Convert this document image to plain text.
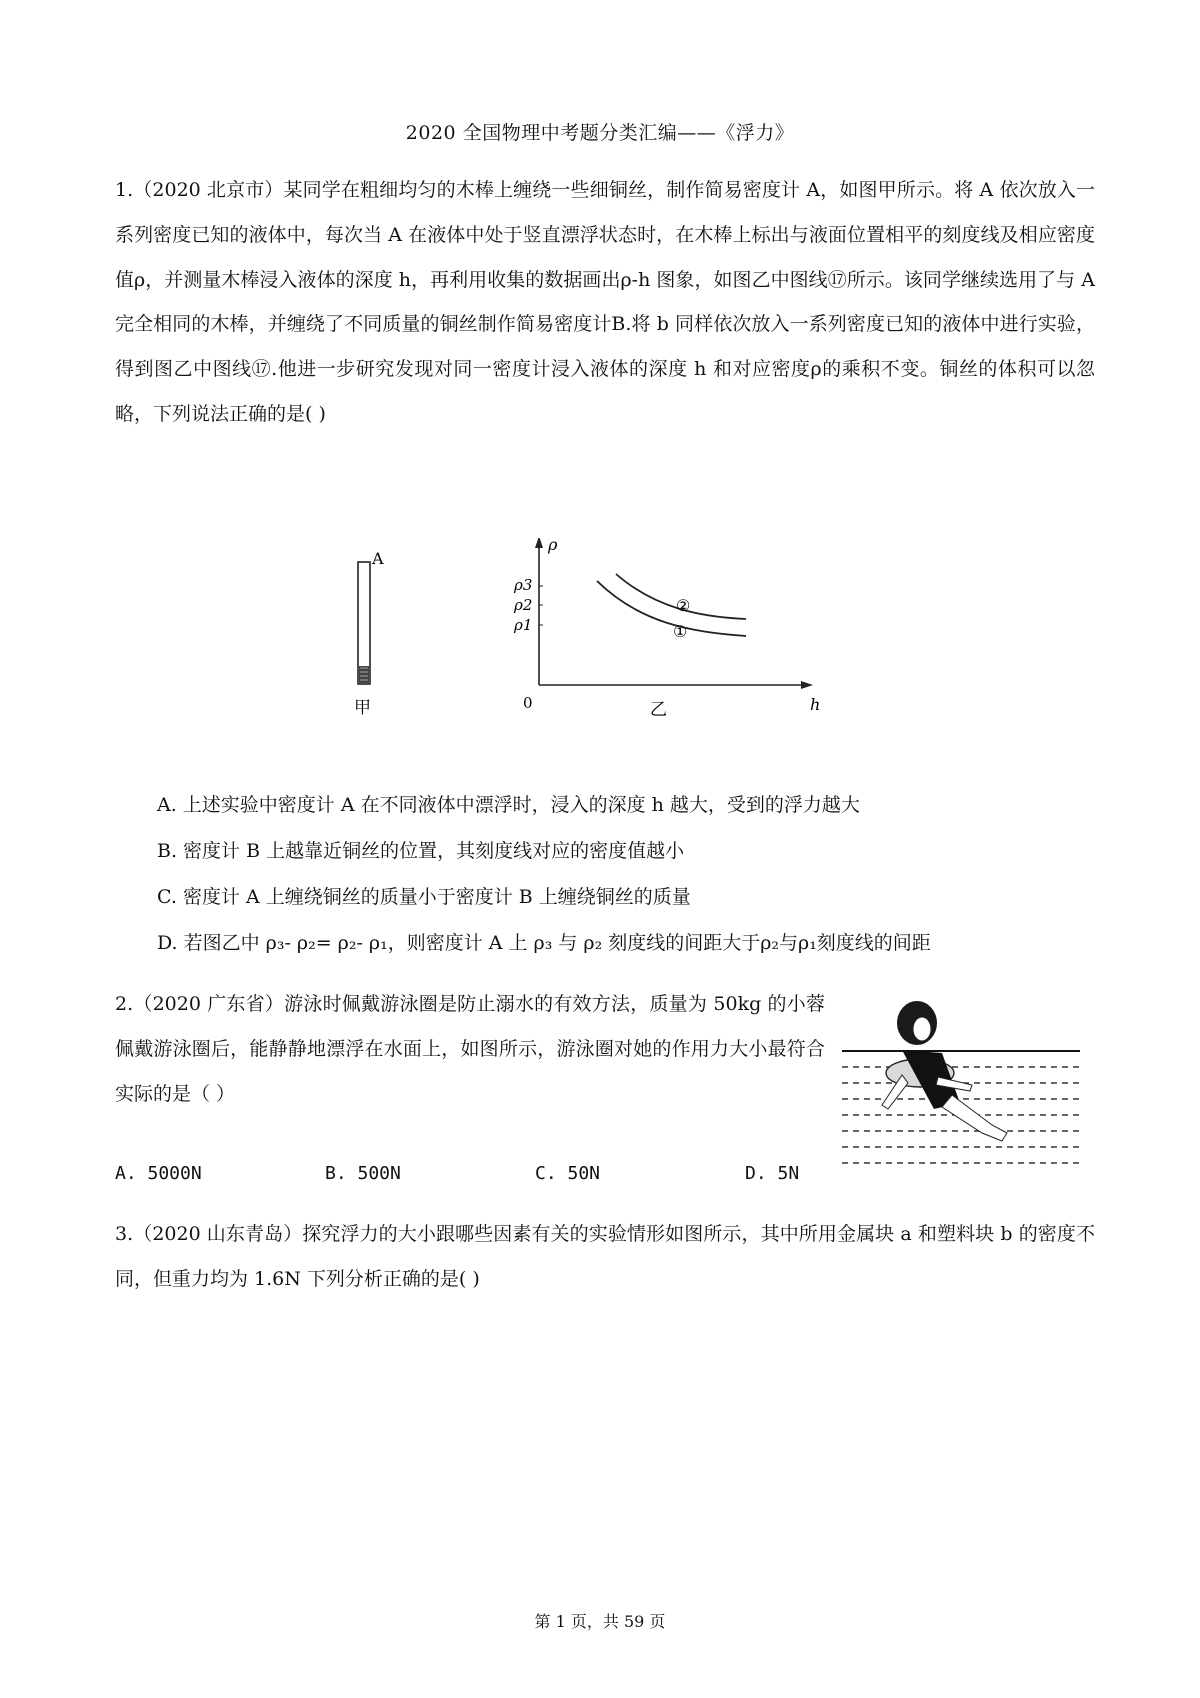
2020 全国物理中考题分类汇编——《浮力》
1.（2020 北京市）某同学在粗细均匀的木棒上缠绕一些细铜丝，制作简易密度计 A，如图甲所示。将 A 依次放入一系列密度已知的液体中，每次当 A 在液体中处于竖直漂浮状态时，在木棒上标出与液面位置相平的刻度线及相应密度值ρ，并测量木棒浸入液体的深度 h，再利用收集的数据画出ρ-h 图象，如图乙中图线⑰所示。该同学继续选用了与 A 完全相同的木棒，并缠绕了不同质量的铜丝制作简易密度计B.将 b 同样依次放入一系列密度已知的液体中进行实验，得到图乙中图线⑰.他进一步研究发现对同一密度计浸入液体的深度 h 和对应密度ρ的乘积不变。铜丝的体积可以忽略，下列说法正确的是( )
A
甲
ρ
h
0
ρ1
ρ2
ρ3
①
②
乙
A. 上述实验中密度计 A 在不同液体中漂浮时，浸入的深度 h 越大，受到的浮力越大
B. 密度计 B 上越靠近铜丝的位置，其刻度线对应的密度值越小
C. 密度计 A 上缠绕铜丝的质量小于密度计 B 上缠绕铜丝的质量
D. 若图乙中 ρ₃- ρ₂= ρ₂- ρ₁，则密度计 A 上 ρ₃ 与 ρ₂ 刻度线的间距大于ρ₂与ρ₁刻度线的间距
2.（2020 广东省）游泳时佩戴游泳圈是防止溺水的有效方法，质量为 50kg 的小蓉佩戴游泳圈后，能静静地漂浮在水面上，如图所示，游泳圈对她的作用力大小最符合实际的是（ ）
A. 5000N	B. 500N	C. 50N	D. 5N
3.（2020 山东青岛）探究浮力的大小跟哪些因素有关的实验情形如图所示，其中所用金属块 a 和塑料块 b 的密度不同，但重力均为 1.6N 下列分析正确的是( )
第 1 页，共 59 页
